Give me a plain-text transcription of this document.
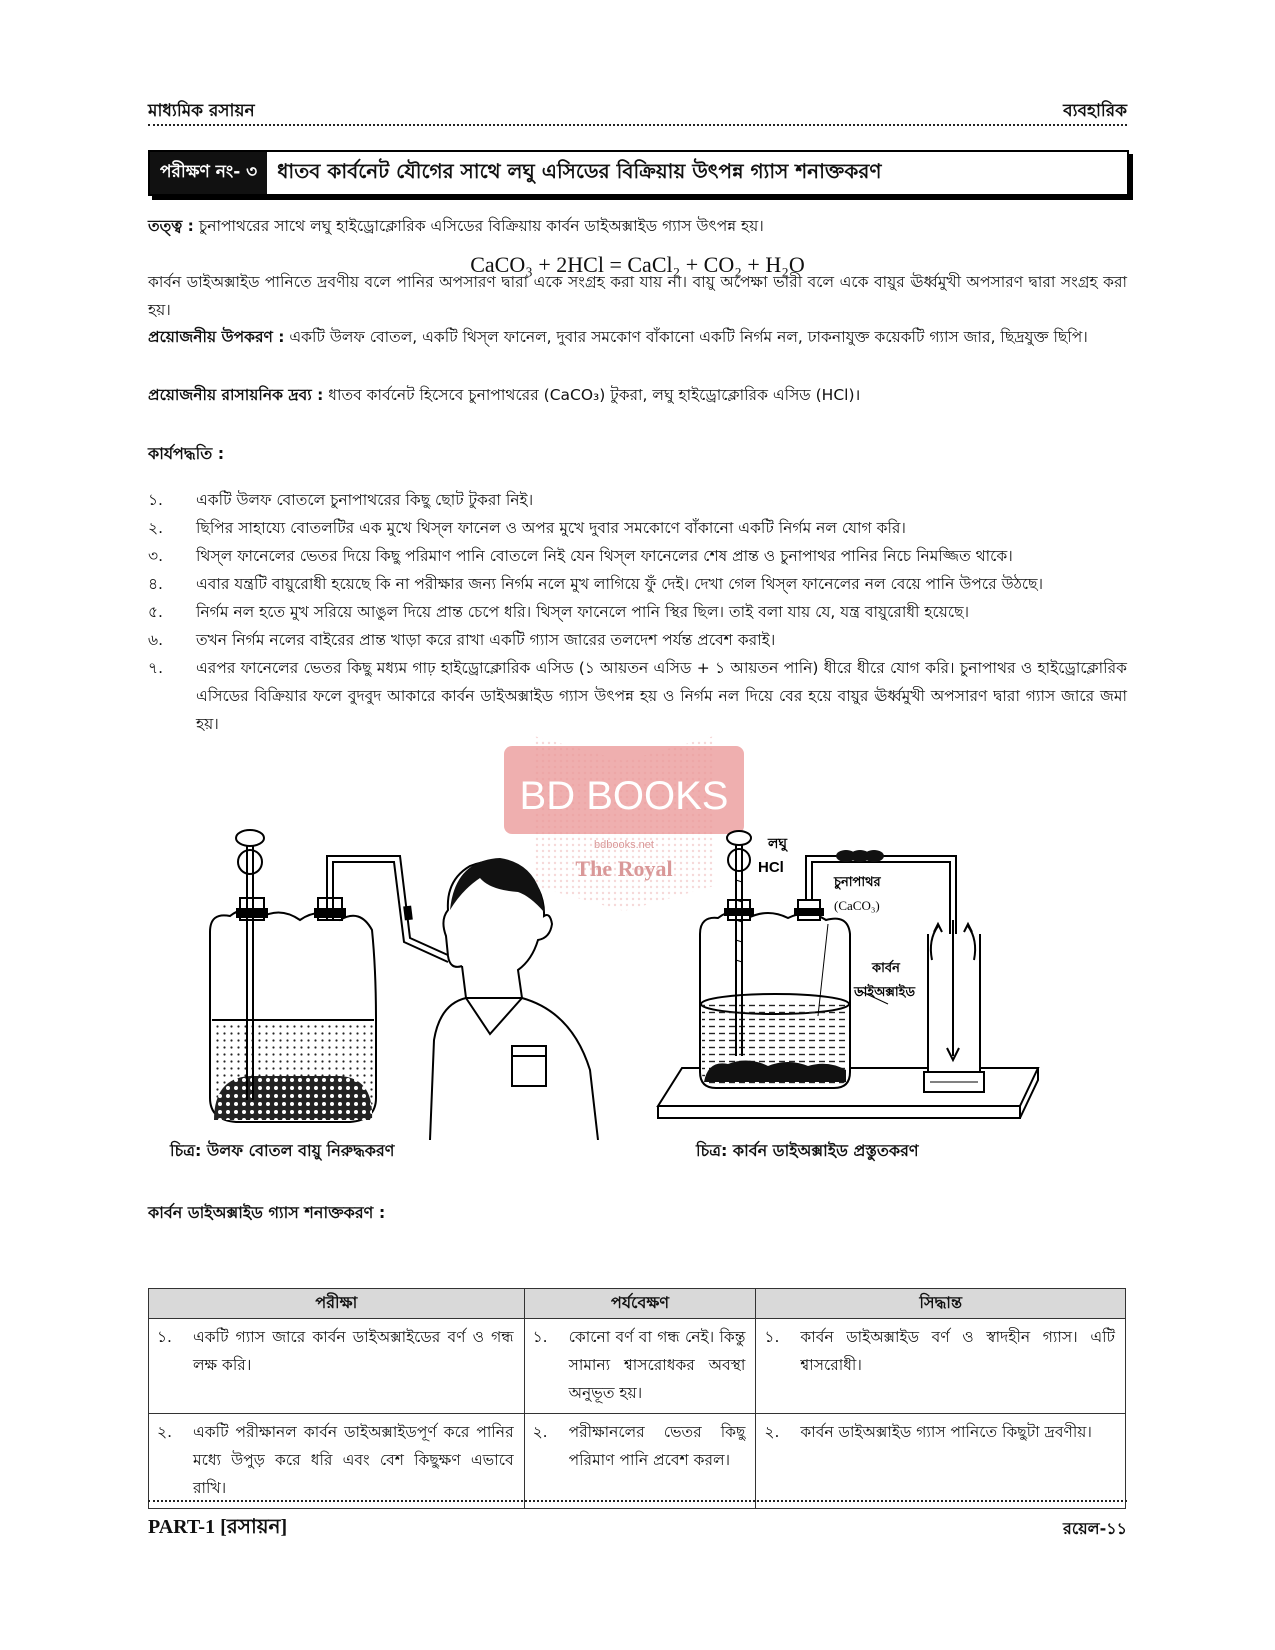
মাধ্যমিক রসায়ন	ব্যবহারিক
পরীক্ষণ নং- ৩	ধাতব কার্বনেট যৌগের সাথে লঘু এসিডের বিক্রিয়ায় উৎপন্ন গ্যাস শনাক্তকরণ
তত্ত্ব : চুনাপাথরের সাথে লঘু হাইড্রোক্লোরিক এসিডের বিক্রিয়ায় কার্বন ডাইঅক্সাইড গ্যাস উৎপন্ন হয়।
CaCO₃ + 2HCl = CaCl₂ + CO₂ + H₂O
কার্বন ডাইঅক্সাইড পানিতে দ্রবণীয় বলে পানির অপসারণ দ্বারা একে সংগ্রহ করা যায় না। বায়ু অপেক্ষা ভারী বলে একে বায়ুর ঊর্ধ্বমুখী অপসারণ দ্বারা সংগ্রহ করা হয়।
প্রয়োজনীয় উপকরণ : একটি উলফ বোতল, একটি থিস্‌ল ফানেল, দুবার সমকোণ বাঁকানো একটি নির্গম নল, ঢাকনাযুক্ত কয়েকটি গ্যাস জার, ছিদ্রযুক্ত ছিপি।
প্রয়োজনীয় রাসায়নিক দ্রব্য : ধাতব কার্বনেট হিসেবে চুনাপাথরের (CaCO₃) টুকরা, লঘু হাইড্রোক্লোরিক এসিড (HCl)।
কার্যপদ্ধতি :
১.	একটি উলফ বোতলে চুনাপাথরের কিছু ছোট টুকরা নিই।
২.	ছিপির সাহায্যে বোতলটির এক মুখে থিস্‌ল ফানেল ও অপর মুখে দুবার সমকোণে বাঁকানো একটি নির্গম নল যোগ করি।
৩.	থিস্‌ল ফানেলের ভেতর দিয়ে কিছু পরিমাণ পানি বোতলে নিই যেন থিস্‌ল ফানেলের শেষ প্রান্ত ও চুনাপাথর পানির নিচে নিমজ্জিত থাকে।
৪.	এবার যন্ত্রটি বায়ুরোধী হয়েছে কি না পরীক্ষার জন্য নির্গম নলে মুখ লাগিয়ে ফুঁ দেই। দেখা গেল থিস্‌ল ফানেলের নল বেয়ে পানি উপরে উঠছে।
৫.	নির্গম নল হতে মুখ সরিয়ে আঙুল দিয়ে প্রান্ত চেপে ধরি। থিস্‌ল ফানেলে পানি স্থির ছিল। তাই বলা যায় যে, যন্ত্র বায়ুরোধী হয়েছে।
৬.	তখন নির্গম নলের বাইরের প্রান্ত খাড়া করে রাখা একটি গ্যাস জারের তলদেশ পর্যন্ত প্রবেশ করাই।
৭.	এরপর ফানেলের ভেতর কিছু মধ্যম গাঢ় হাইড্রোক্লোরিক এসিড (১ আয়তন এসিড + ১ আয়তন পানি) ধীরে ধীরে যোগ করি। চুনাপাথর ও হাইড্রোক্লোরিক এসিডের বিক্রিয়ার ফলে বুদবুদ আকারে কার্বন ডাইঅক্সাইড গ্যাস উৎপন্ন হয় ও নির্গম নল দিয়ে বের হয়ে বায়ুর ঊর্ধ্বমুখী অপসারণ দ্বারা গ্যাস জারে জমা হয়।
BD BOOKS
bdbooks.net
The Royal
লঘু
HCl
চুনাপাথর
(CaCO₃)
কার্বন
ডাইঅক্সাইড
চিত্র: উলফ বোতল বায়ু নিরুদ্ধকরণ	চিত্র: কার্বন ডাইঅক্সাইড প্রস্তুতকরণ
কার্বন ডাইঅক্সাইড গ্যাস শনাক্তকরণ :
পরীক্ষা	পর্যবেক্ষণ	সিদ্ধান্ত

১. একটি গ্যাস জারে কার্বন ডাইঅক্সাইডের বর্ণ ও গন্ধ লক্ষ করি।	১. কোনো বর্ণ বা গন্ধ নেই। কিন্তু সামান্য শ্বাসরোধকর অবস্থা অনুভূত হয়।	১. কার্বন ডাইঅক্সাইড বর্ণ ও স্বাদহীন গ্যাস। এটি শ্বাসরোধী।

২. একটি পরীক্ষানল কার্বন ডাইঅক্সাইডপূর্ণ করে পানির মধ্যে উপুড় করে ধরি এবং বেশ কিছুক্ষণ এভাবে রাখি।	২. পরীক্ষানলের ভেতর কিছু পরিমাণ পানি প্রবেশ করল।	২. কার্বন ডাইঅক্সাইড গ্যাস পানিতে কিছুটা দ্রবণীয়।
PART-1 [রসায়ন]	রয়েল-১১
